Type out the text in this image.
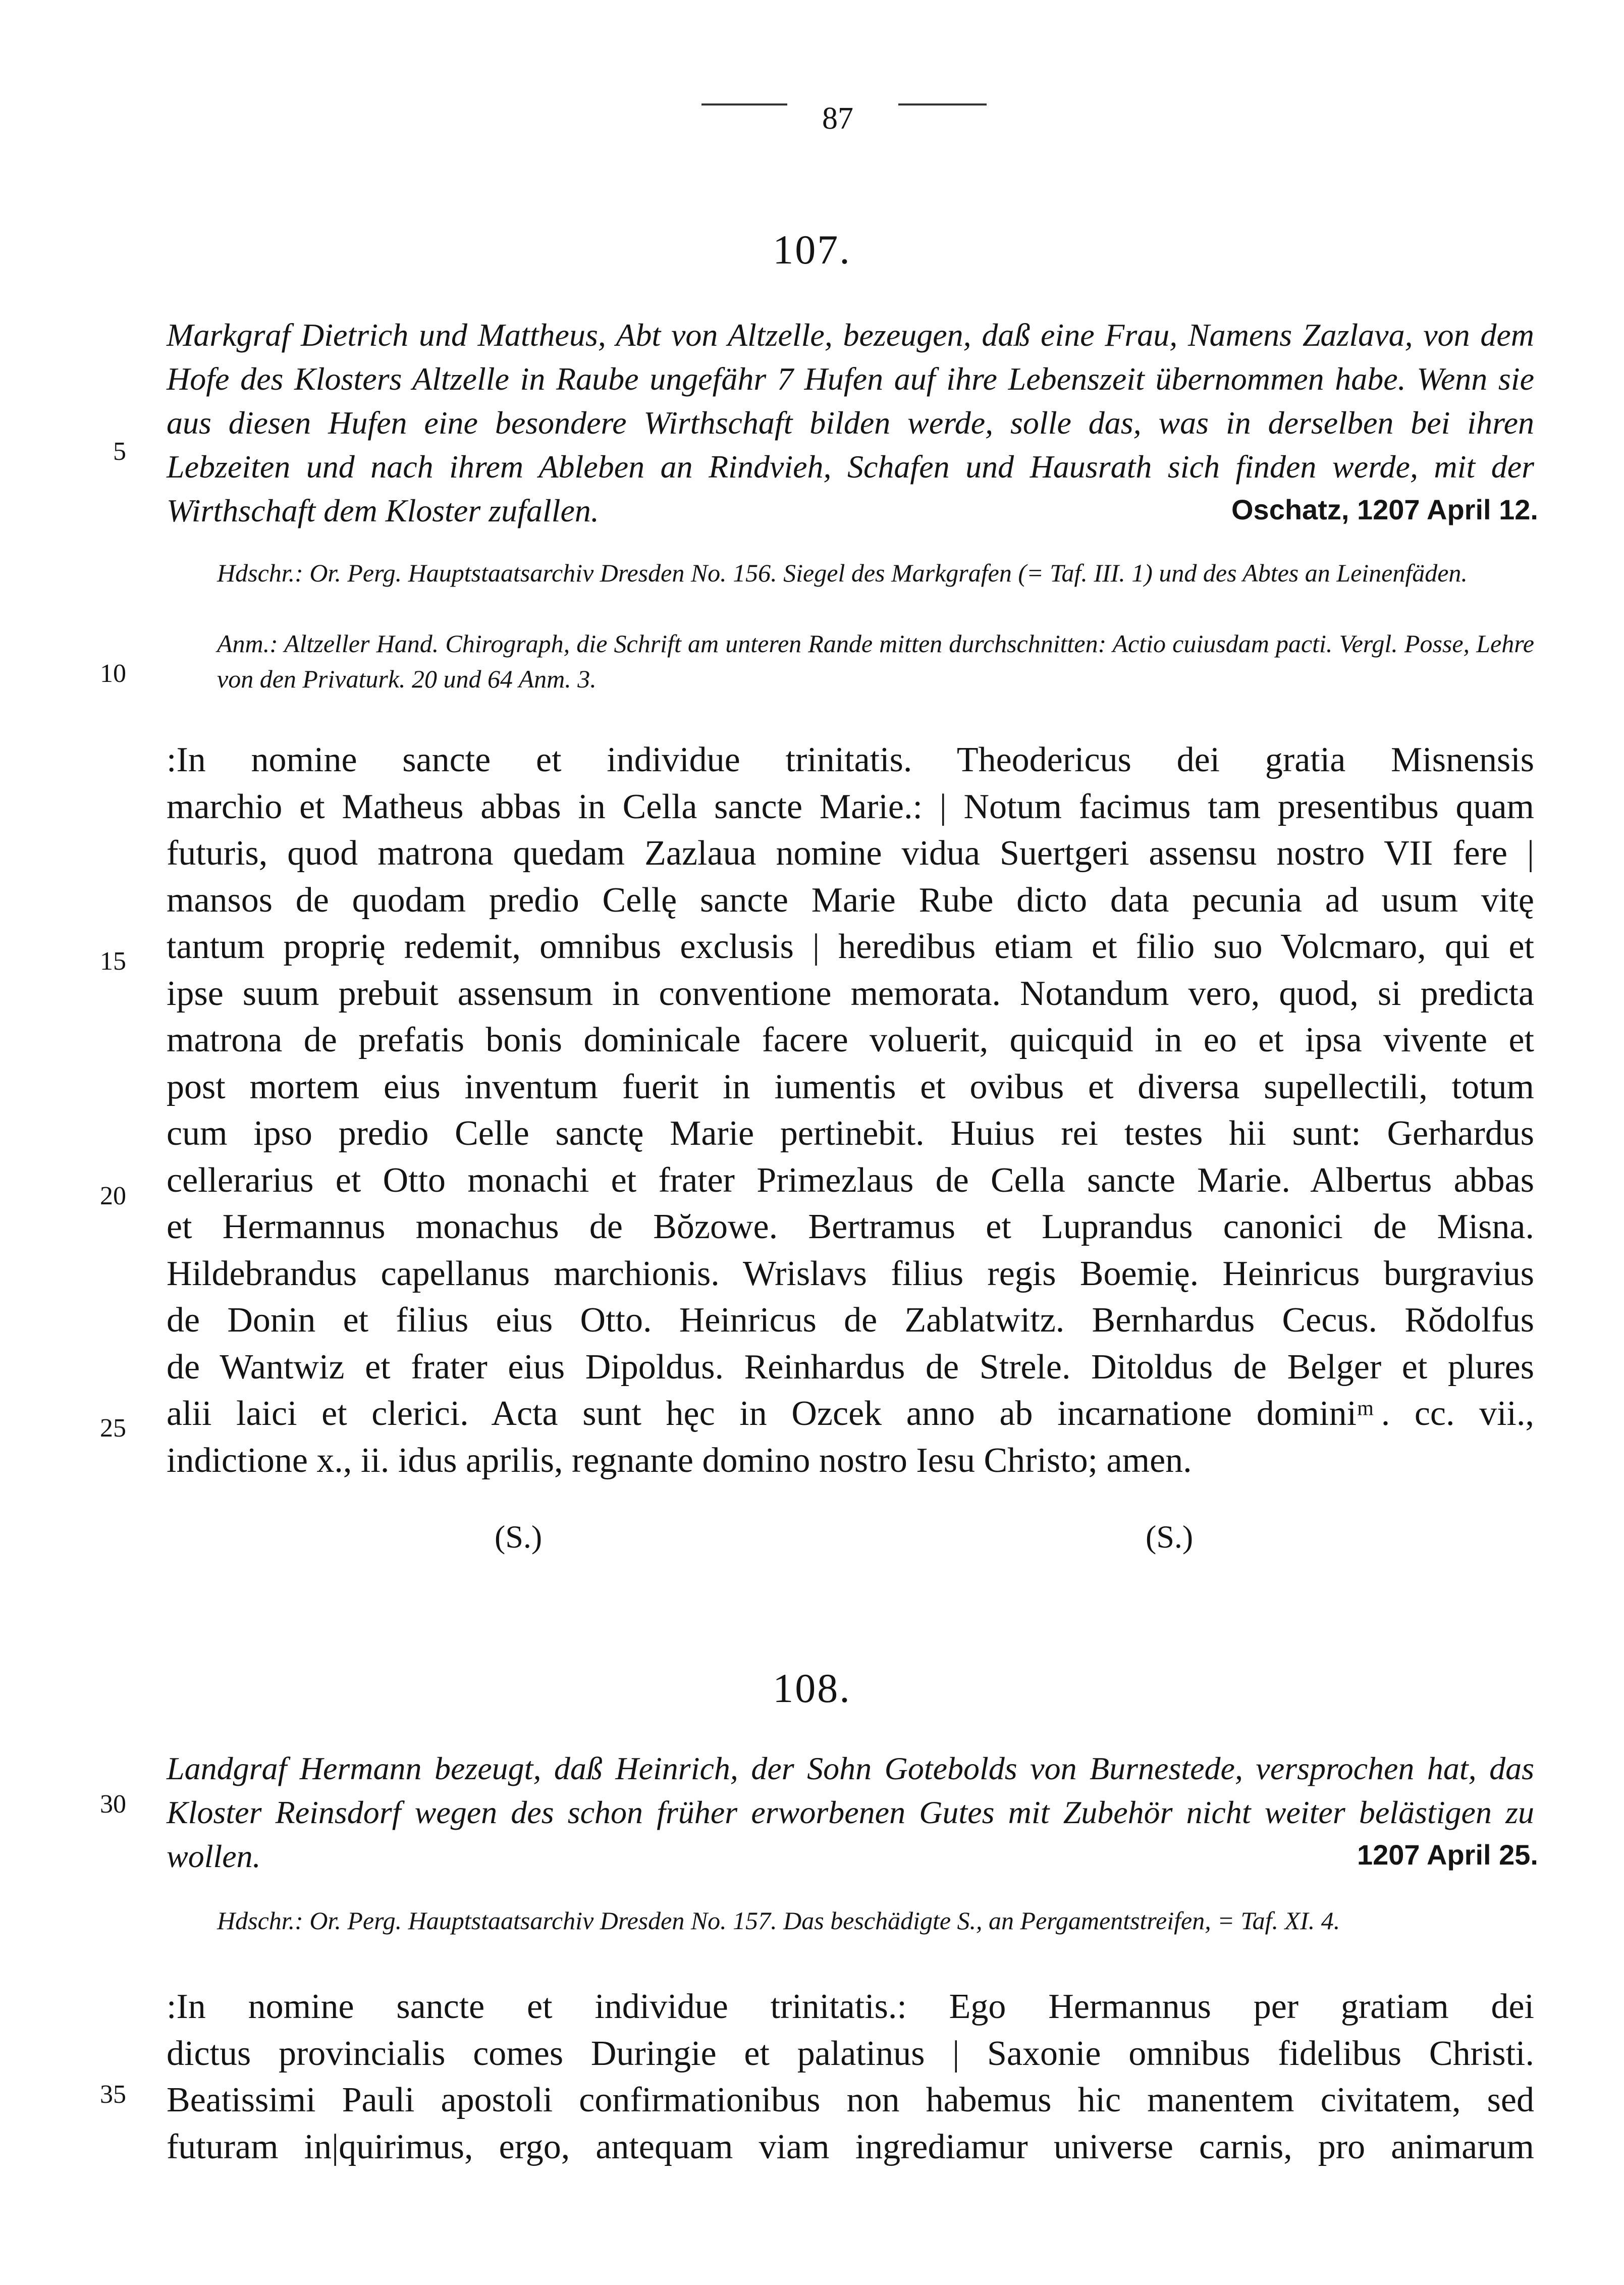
87
107.

Markgraf Dietrich und Mattheus, Abt von Altzelle, bezeugen, daß eine Frau, Namens Zazlava, von dem Hofe des Klosters Altzelle in Raube ungefähr 7 Hufen auf ihre Lebenszeit übernommen habe. Wenn sie aus diesen Hufen eine besondere Wirthschaft bilden werde, solle das, was in derselben bei ihren Lebzeiten und nach ihrem Ableben an Rindvieh, Schafen und Hausrath sich finden werde, mit der Wirthschaft dem Kloster zufallen.	Oschatz, 1207 April 12.

Hdschr.: Or. Perg. Hauptstaatsarchiv Dresden No. 156. Siegel des Markgrafen (= Taf. III. 1) und des Abtes an Leinenfäden.

Anm.: Altzeller Hand. Chirograph, die Schrift am unteren Rande mitten durchschnitten: Actio cuiusdam pacti. Vergl. Posse, Lehre von den Privaturk. 20 und 64 Anm. 3.

:In nomine sancte et individue trinitatis. Theodericus dei gratia Misnensis
marchio et Matheus abbas in Cella sancte Marie.: | Notum facimus tam presentibus quam
futuris, quod matrona quedam Zazlaua nomine vidua Suertgeri assensu nostro VII fere |
mansos de quodam predio Cellę sancte Marie Rube dicto data pecunia ad usum vitę
tantum proprię redemit, omnibus exclusis | heredibus etiam et filio suo Volcmaro, qui et
ipse suum prebuit assensum in conventione memorata. Notandum vero, quod, si predicta
matrona de prefatis bonis dominicale facere voluerit, quicquid in eo et ipsa vivente et
post mortem eius inventum fuerit in iumentis et ovibus et diversa supellectili, totum
cum ipso predio Celle sanctę Marie pertinebit. Huius rei testes hii sunt: Gerhardus
cellerarius et Otto monachi et frater Primezlaus de Cella sancte Marie. Albertus abbas
et Hermannus monachus de Bŏzowe. Bertramus et Luprandus canonici de Misna.
Hildebrandus capellanus marchionis. Wrislavs filius regis Boemię. Heinricus burgravius
de Donin et filius eius Otto. Heinricus de Zablatwitz. Bernhardus Cecus. Rŏdolfus
de Wantwiz et frater eius Dipoldus. Reinhardus de Strele. Ditoldus de Belger et plures
alii laici et clerici. Acta sunt hęc in Ozcek anno ab incarnatione domini ͫ. cc. vii.,
indictione x., ii. idus aprilis, regnante domino nostro Iesu Christo; amen.
(S.)	(S.)
108.

Landgraf Hermann bezeugt, daß Heinrich, der Sohn Gotebolds von Burnestede, versprochen hat, das Kloster Reinsdorf wegen des schon früher erworbenen Gutes mit Zubehör nicht weiter belästigen zu wollen.	1207 April 25.

Hdschr.: Or. Perg. Hauptstaatsarchiv Dresden No. 157. Das beschädigte S., an Pergamentstreifen, = Taf. XI. 4.

:In nomine sancte et individue trinitatis.: Ego Hermannus per gratiam dei
dictus provincialis comes Duringie et palatinus | Saxonie omnibus fidelibus Christi.
Beatissimi Pauli apostoli confirmationibus non habemus hic manentem civitatem, sed
futuram in|quirimus, ergo, antequam viam ingrediamur universe carnis, pro animarum
5
10
15
20
25
30
35
